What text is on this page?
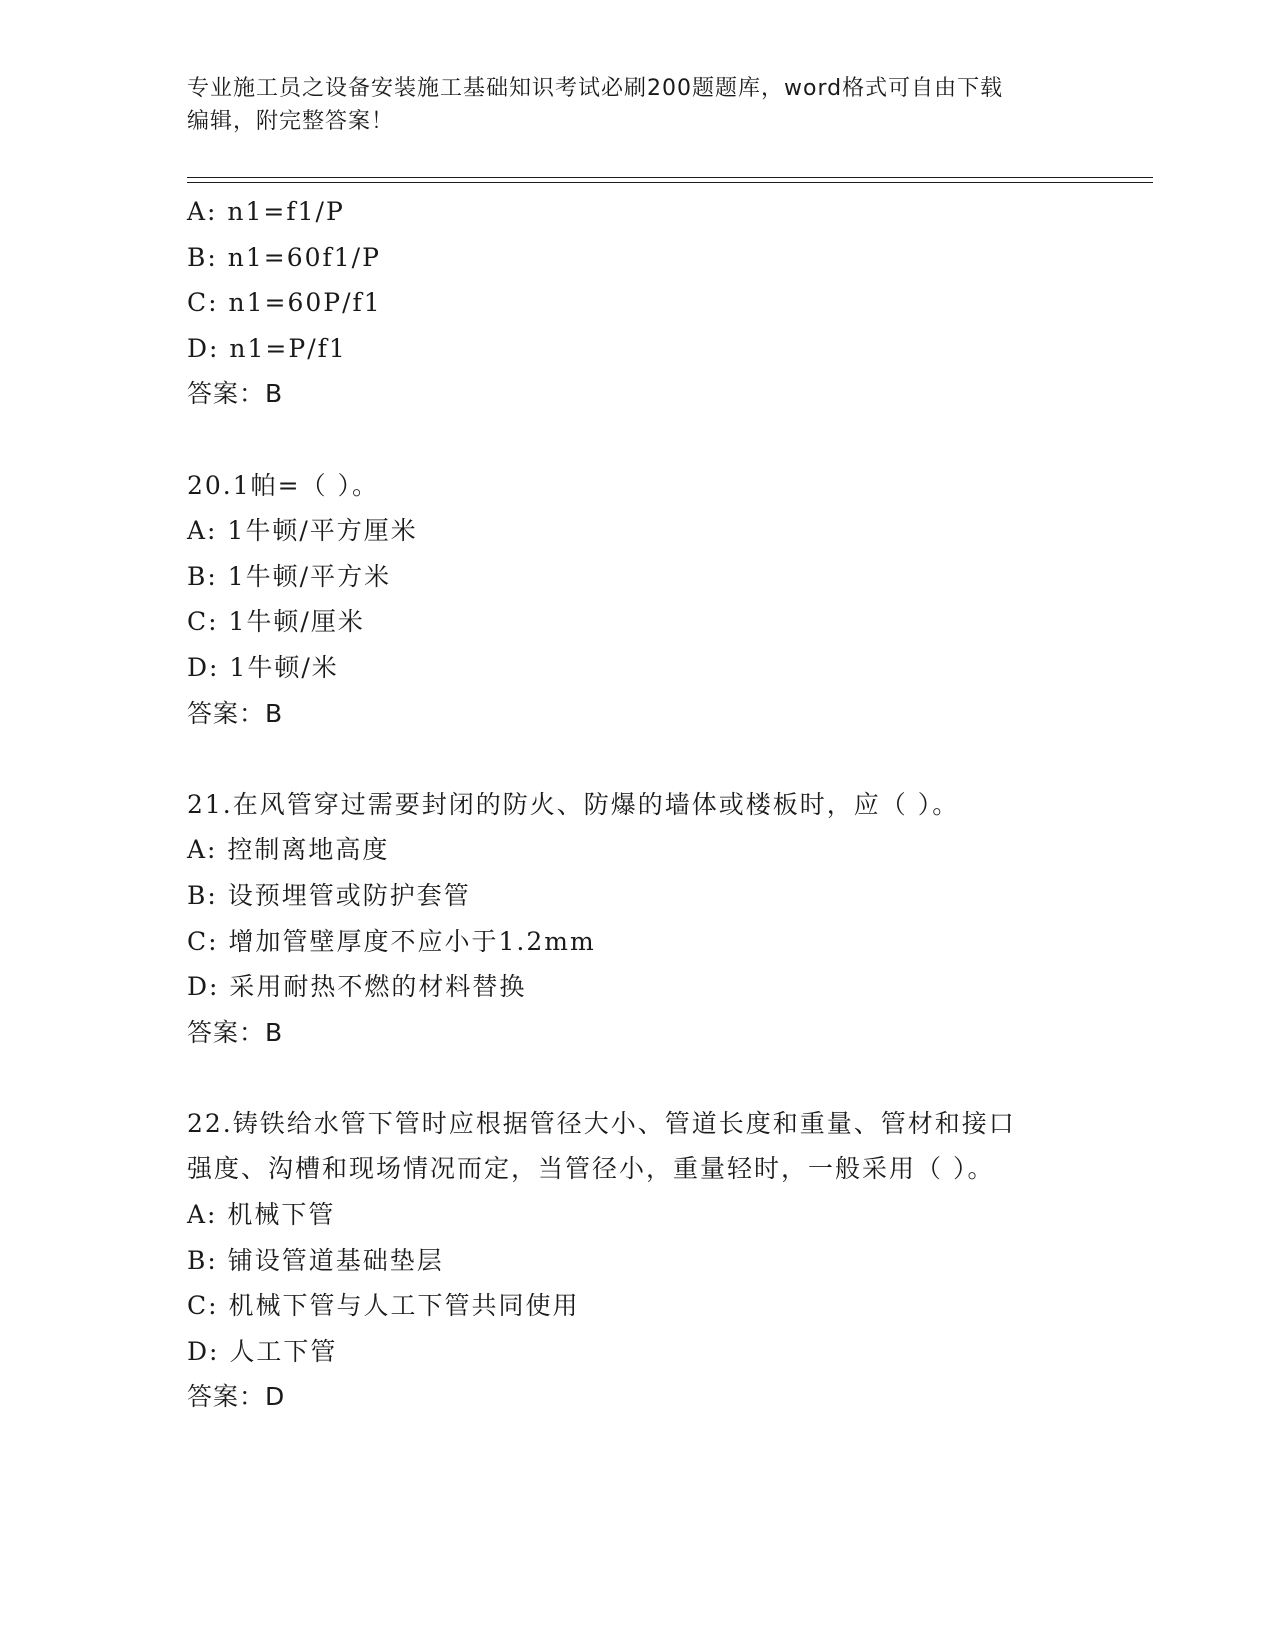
专业施工员之设备安装施工基础知识考试必刷200题题库，word格式可自由下载
编辑，附完整答案！
A: n1=f1/P
B: n1=60f1/P
C: n1=60P/f1
D: n1=P/f1
答案：B
20.1帕=（ ）。
A: 1牛顿/平方厘米
B: 1牛顿/平方米
C: 1牛顿/厘米
D: 1牛顿/米
答案：B
21.在风管穿过需要封闭的防火、防爆的墙体或楼板时，应（ ）。
A: 控制离地高度
B: 设预埋管或防护套管
C: 增加管壁厚度不应小于1.2mm
D: 采用耐热不燃的材料替换
答案：B
22.铸铁给水管下管时应根据管径大小、管道长度和重量、管材和接口
强度、沟槽和现场情况而定，当管径小，重量轻时，一般采用（ ）。
A: 机械下管
B: 铺设管道基础垫层
C: 机械下管与人工下管共同使用
D: 人工下管
答案：D
